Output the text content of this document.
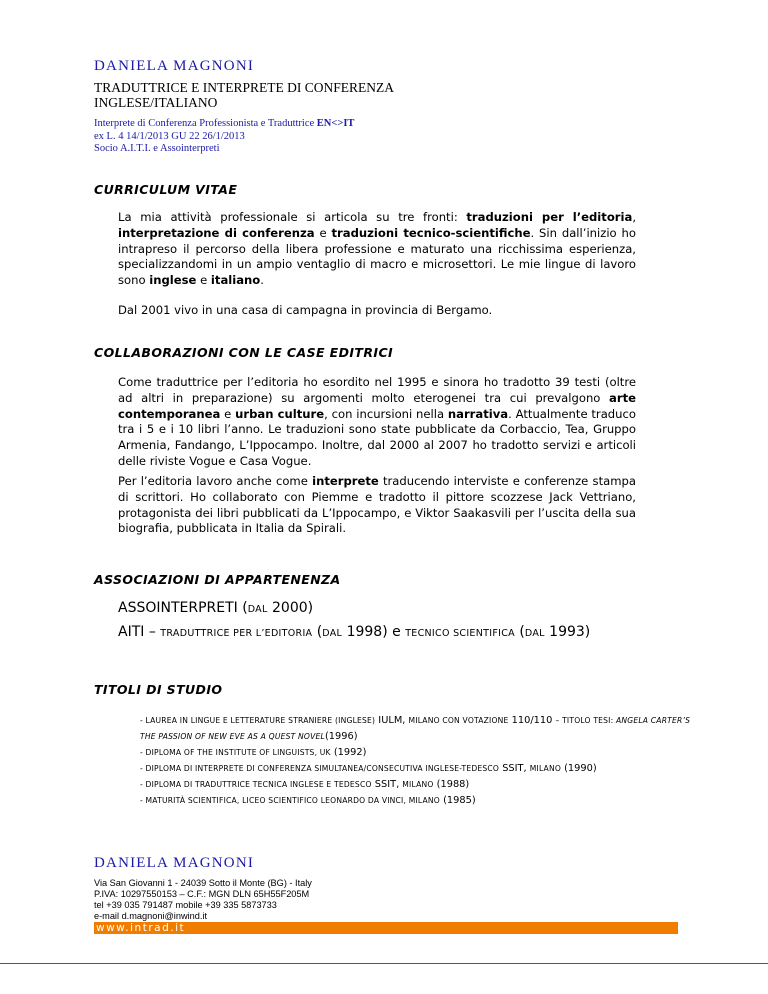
DANIELA MAGNONI
TRADUTTRICE E INTERPRETE DI CONFERENZA
INGLESE/ITALIANO
Interprete di Conferenza Professionista e Traduttrice EN<>IT
ex L. 4 14/1/2013 GU 22 26/1/2013
Socio A.I.T.I. e Assointerpreti
CURRICULUM VITAE
La mia attività professionale si articola su tre fronti: traduzioni per l’editoria, interpretazione di conferenza e traduzioni tecnico-scientifiche. Sin dall’inizio ho intrapreso il percorso della libera professione e maturato una ricchissima esperienza, specializzandomi in un ampio ventaglio di macro e microsettori. Le mie lingue di lavoro sono inglese e italiano.
Dal 2001 vivo in una casa di campagna in provincia di Bergamo.
COLLABORAZIONI CON LE CASE EDITRICI
Come traduttrice per l’editoria ho esordito nel 1995 e sinora ho tradotto 39 testi (oltre ad altri in preparazione) su argomenti molto eterogenei tra cui prevalgono arte contemporanea e urban culture, con incursioni nella narrativa. Attualmente traduco tra i 5 e i 10 libri l’anno. Le traduzioni sono state pubblicate da Corbaccio, Tea, Gruppo Armenia, Fandango, L’Ippocampo. Inoltre, dal 2000 al 2007 ho tradotto servizi e articoli delle riviste Vogue e Casa Vogue.
Per l’editoria lavoro anche come interprete traducendo interviste e conferenze stampa di scrittori. Ho collaborato con Piemme e tradotto il pittore scozzese Jack Vettriano, protagonista dei libri pubblicati da L’Ippocampo, e Viktor Saakasvili per l’uscita della sua biografia, pubblicata in Italia da Spirali.
ASSOCIAZIONI DI APPARTENENZA
ASSOINTERPRETI (DAL 2000)
AITI – TRADUTTRICE PER L’EDITORIA (DAL 1998) e TECNICO SCIENTIFICA (DAL 1993)
TITOLI DI STUDIO
- LAUREA IN LINGUE E LETTERATURE STRANIERE (INGLESE) IULM, MILANO CON VOTAZIONE 110/110 – TITOLO TESI: ANGELA CARTER’S THE PASSION OF NEW EVE AS A QUEST NOVEL(1996)
- DIPLOMA OF THE INSTITUTE OF LINGUISTS, UK (1992)
- DIPLOMA DI INTERPRETE DI CONFERENZA SIMULTANEA/CONSECUTIVA INGLESE-TEDESCO SSIT, MILANO (1990)
- DIPLOMA DI TRADUTTRICE TECNICA INGLESE E TEDESCO SSIT, MILANO (1988)
- MATURITÀ SCIENTIFICA, LICEO SCIENTIFICO LEONARDO DA VINCI, MILANO (1985)
DANIELA MAGNONI
Via San Giovanni 1 - 24039 Sotto il Monte (BG) - Italy
P.IVA: 10297550153 – C.F.: MGN DLN 65H55F205M
tel +39 035 791487 mobile +39 335 5873733
e-mail d.magnoni@inwind.it
www.intrad.it
